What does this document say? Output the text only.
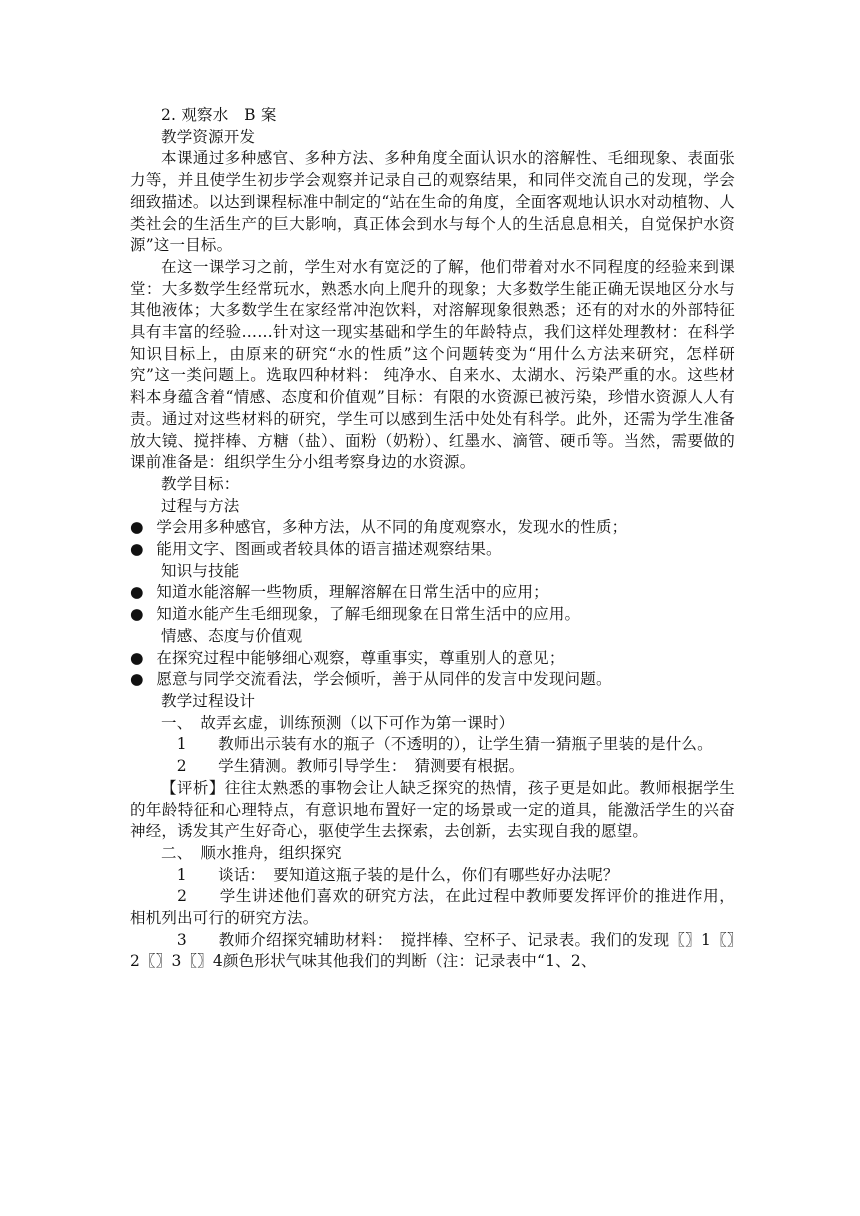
2. 观察水　B 案

教学资源开发

本课通过多种感官、多种方法、多种角度全面认识水的溶解性、毛细现象、表面张力等，并且使学生初步学会观察并记录自己的观察结果，和同伴交流自己的发现，学会细致描述。以达到课程标准中制定的“站在生命的角度，全面客观地认识水对动植物、人类社会的生活生产的巨大影响，真正体会到水与每个人的生活息息相关，自觉保护水资源”这一目标。

在这一课学习之前，学生对水有宽泛的了解，他们带着对水不同程度的经验来到课堂：大多数学生经常玩水，熟悉水向上爬升的现象；大多数学生能正确无误地区分水与其他液体；大多数学生在家经常冲泡饮料，对溶解现象很熟悉；还有的对水的外部特征具有丰富的经验……针对这一现实基础和学生的年龄特点，我们这样处理教材：在科学知识目标上，由原来的研究“水的性质”这个问题转变为“用什么方法来研究，怎样研究”这一类问题上。选取四种材料： 纯净水、自来水、太湖水、污染严重的水。这些材料本身蕴含着“情感、态度和价值观”目标：有限的水资源已被污染，珍惜水资源人人有责。通过对这些材料的研究，学生可以感到生活中处处有科学。此外，还需为学生准备放大镜、搅拌棒、方糖（盐）、面粉（奶粉）、红墨水、滴管、硬币等。当然，需要做的课前准备是：组织学生分小组考察身边的水资源。

教学目标：

过程与方法

● 学会用多种感官，多种方法，从不同的角度观察水，发现水的性质；
● 能用文字、图画或者较具体的语言描述观察结果。

知识与技能

● 知道水能溶解一些物质，理解溶解在日常生活中的应用；
● 知道水能产生毛细现象，了解毛细现象在日常生活中的应用。

情感、态度与价值观

● 在探究过程中能够细心观察，尊重事实，尊重别人的意见；
● 愿意与同学交流看法，学会倾听，善于从同伴的发言中发现问题。

教学过程设计

一、　故弄玄虚，训练预测（以下可作为第一课时）

　1　　教师出示装有水的瓶子（不透明的），让学生猜一猜瓶子里装的是什么。

　2　　学生猜测。教师引导学生：　猜测要有根据。

【评析】往往太熟悉的事物会让人缺乏探究的热情，孩子更是如此。教师根据学生的年龄特征和心理特点，有意识地布置好一定的场景或一定的道具，能激活学生的兴奋神经，诱发其产生好奇心，驱使学生去探索，去创新，去实现自我的愿望。

二、　顺水推舟，组织探究

　1　　谈话：　要知道这瓶子装的是什么，你们有哪些好办法呢？

　2　　学生讲述他们喜欢的研究方法，在此过程中教师要发挥评价的推进作用，相机列出可行的研究方法。

　3　　教师介绍探究辅助材料：　搅拌棒、空杯子、记录表。我们的发现〖〗1〖〗2〖〗3〖〗4颜色形状气味其他我们的判断（注：记录表中“1、2、
